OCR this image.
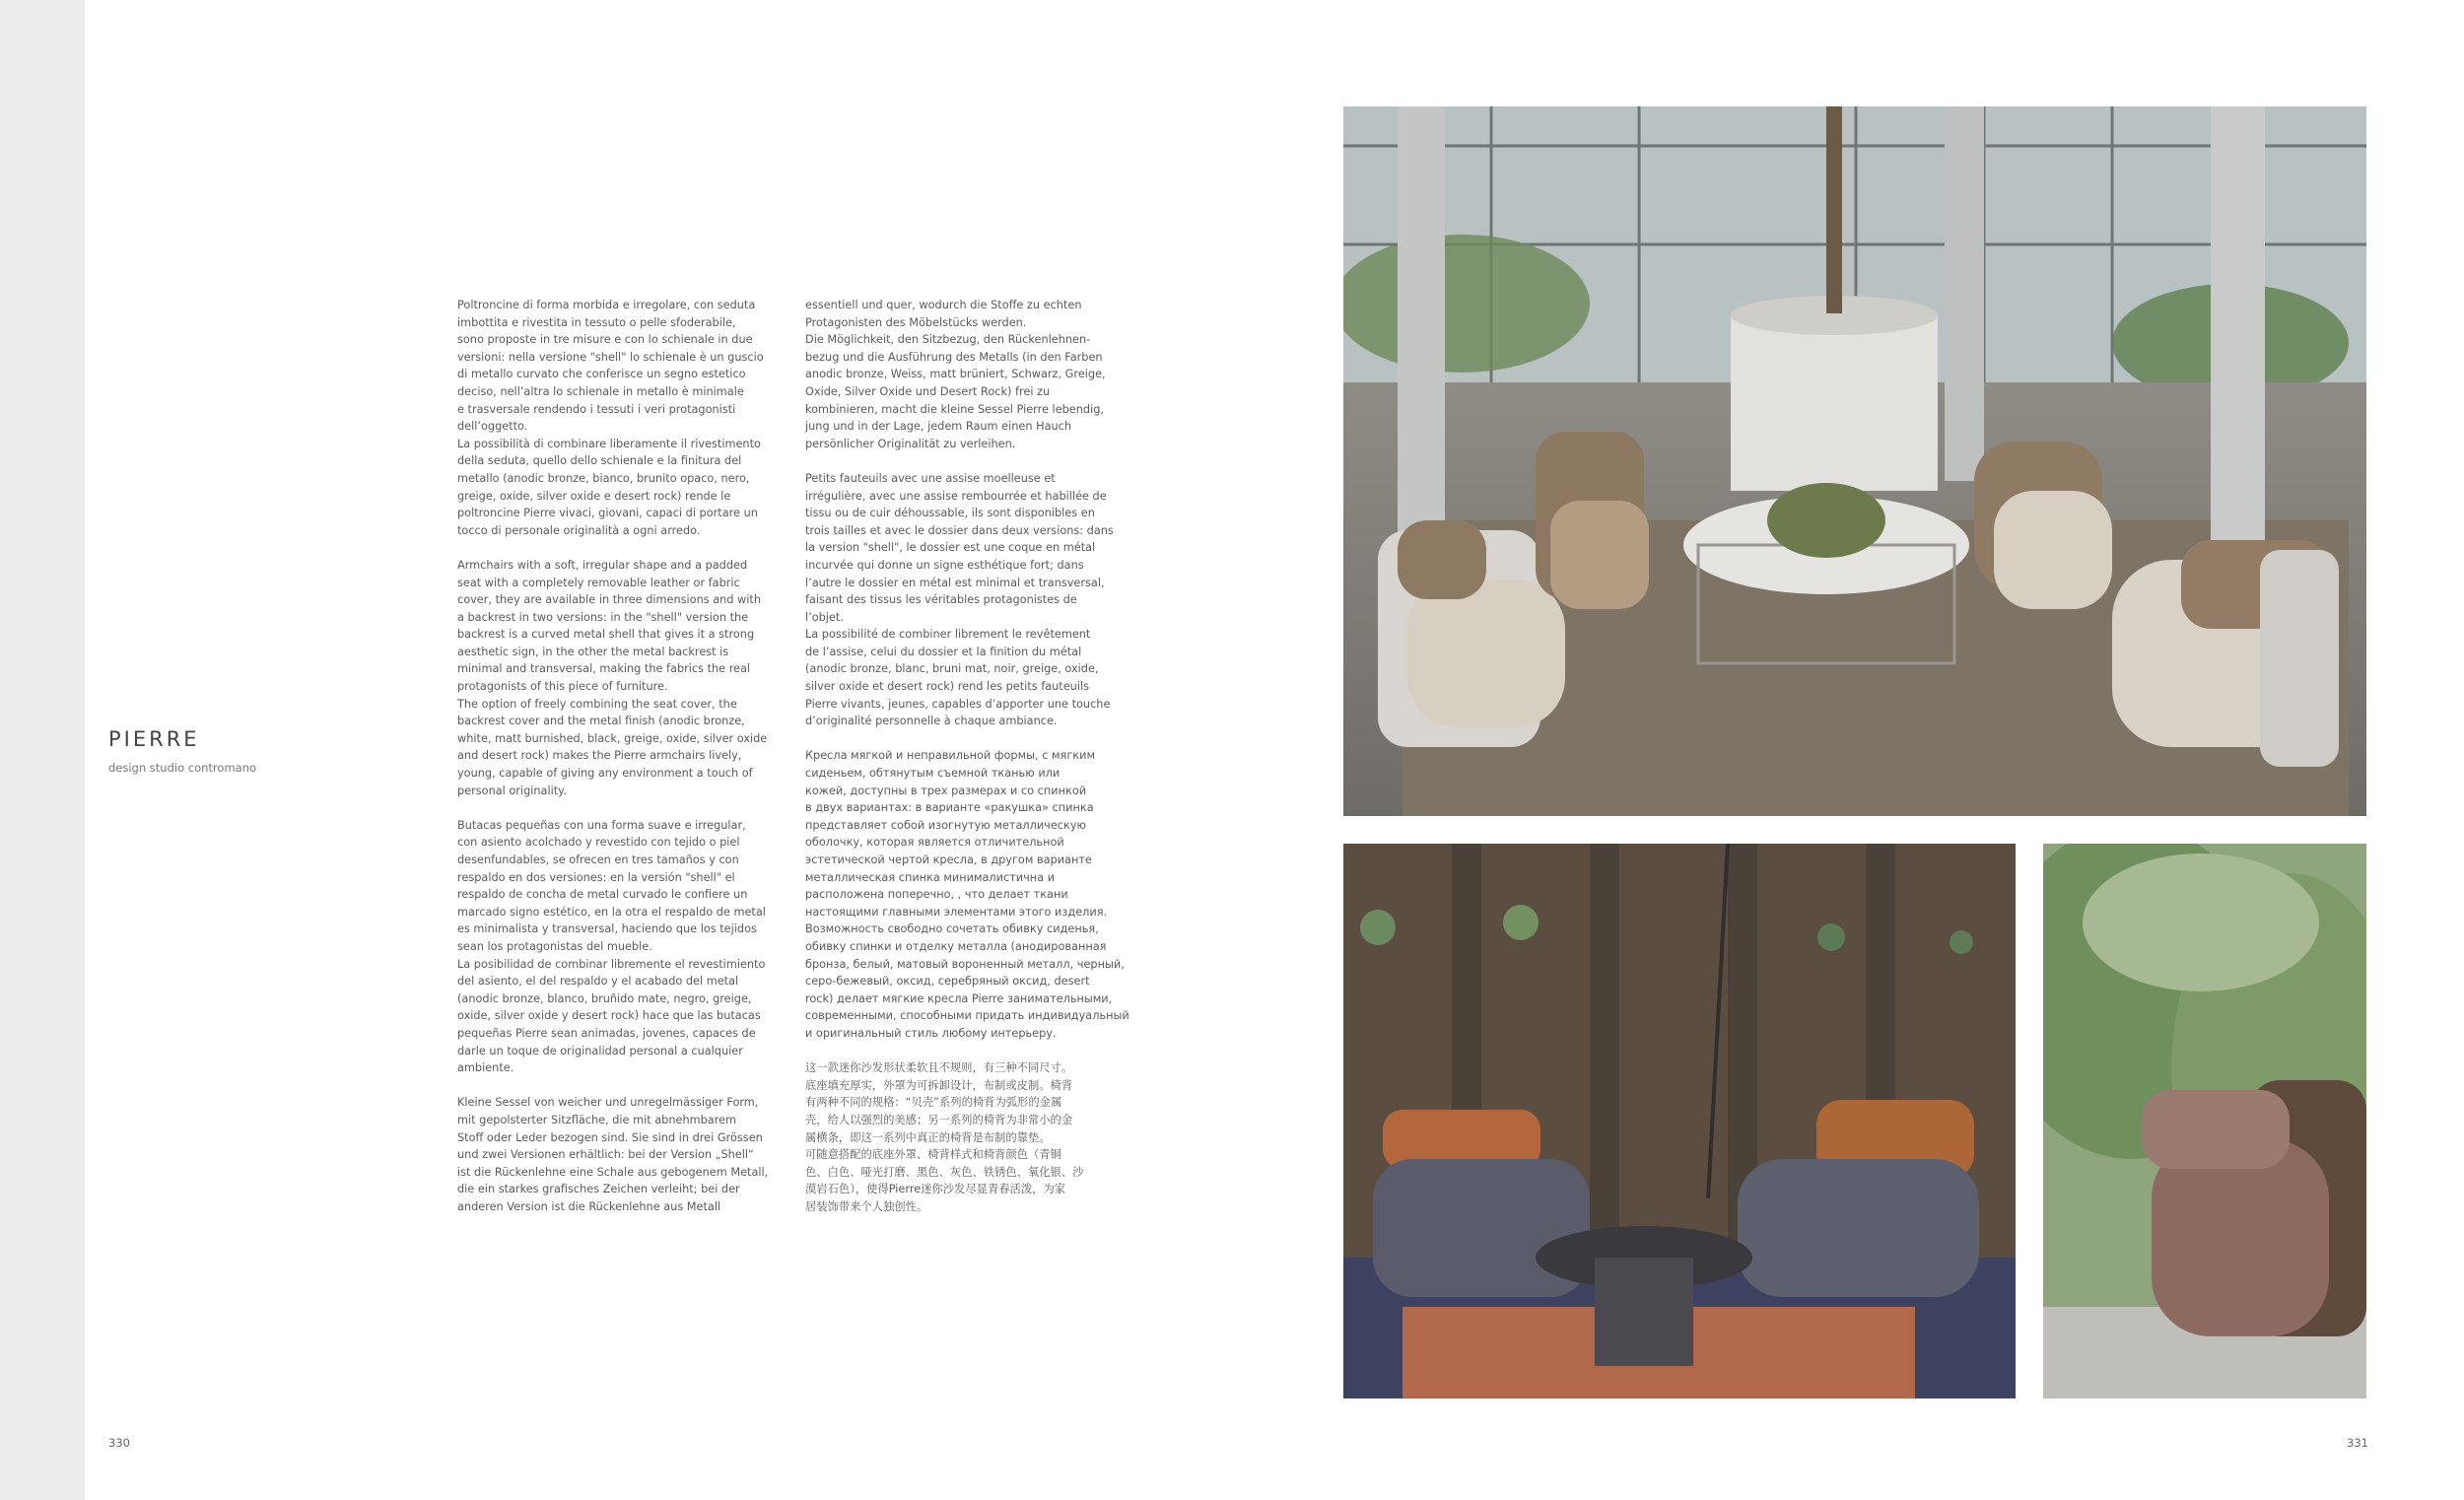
PIERRE
design studio contromano

Poltroncine di forma morbida e irregolare, con seduta
imbottita e rivestita in tessuto o pelle sfoderabile,
sono proposte in tre misure e con lo schienale in due
versioni: nella versione "shell" lo schienale è un guscio
di metallo curvato che conferisce un segno estetico
deciso, nell’altra lo schienale in metallo è minimale
e trasversale rendendo i tessuti i veri protagonisti
dell’oggetto.
La possibilità di combinare liberamente il rivestimento
della seduta, quello dello schienale e la finitura del
metallo (anodic bronze, bianco, brunito opaco, nero,
greige, oxide, silver oxide e desert rock) rende le
poltroncine Pierre vivaci, giovani, capaci di portare un
tocco di personale originalità a ogni arredo.

Armchairs with a soft, irregular shape and a padded
seat with a completely removable leather or fabric
cover, they are available in three dimensions and with
a backrest in two versions: in the "shell" version the
backrest is a curved metal shell that gives it a strong
aesthetic sign, in the other the metal backrest is
minimal and transversal, making the fabrics the real
protagonists of this piece of furniture.
The option of freely combining the seat cover, the
backrest cover and the metal finish (anodic bronze,
white, matt burnished, black, greige, oxide, silver oxide
and desert rock) makes the Pierre armchairs lively,
young, capable of giving any environment a touch of
personal originality.

Butacas pequeñas con una forma suave e irregular,
con asiento acolchado y revestido con tejido o piel
desenfundables, se ofrecen en tres tamaños y con
respaldo en dos versiones: en la versión "shell" el
respaldo de concha de metal curvado le confiere un
marcado signo estético, en la otra el respaldo de metal
es minimalista y transversal, haciendo que los tejidos
sean los protagonistas del mueble.
La posibilidad de combinar libremente el revestimiento
del asiento, el del respaldo y el acabado del metal
(anodic bronze, blanco, bruñido mate, negro, greige,
oxide, silver oxide y desert rock) hace que las butacas
pequeñas Pierre sean animadas, jovenes, capaces de
darle un toque de originalidad personal a cualquier
ambiente.

Kleine Sessel von weicher und unregelmässiger Form,
mit gepolsterter Sitzfläche, die mit abnehmbarem
Stoff oder Leder bezogen sind. Sie sind in drei Grössen
und zwei Versionen erhältlich: bei der Version „Shell“
ist die Rückenlehne eine Schale aus gebogenem Metall,
die ein starkes grafisches Zeichen verleiht; bei der
anderen Version ist die Rückenlehne aus Metall

essentiell und quer, wodurch die Stoffe zu echten
Protagonisten des Möbelstücks werden.
Die Möglichkeit, den Sitzbezug, den Rückenlehnen-
bezug und die Ausführung des Metalls (in den Farben
anodic bronze, Weiss, matt brüniert, Schwarz, Greige,
Oxide, Silver Oxide und Desert Rock) frei zu
kombinieren, macht die kleine Sessel Pierre lebendig,
jung und in der Lage, jedem Raum einen Hauch
persönlicher Originalität zu verleihen.

Petits fauteuils avec une assise moelleuse et
irrégulière, avec une assise rembourrée et habillée de
tissu ou de cuir déhoussable, ils sont disponibles en
trois tailles et avec le dossier dans deux versions: dans
la version "shell", le dossier est une coque en métal
incurvée qui donne un signe esthétique fort; dans
l’autre le dossier en métal est minimal et transversal,
faisant des tissus les véritables protagonistes de
l’objet.
La possibilité de combiner librement le revêtement
de l’assise, celui du dossier et la finition du métal
(anodic bronze, blanc, bruni mat, noir, greige, oxide,
silver oxide et desert rock) rend les petits fauteuils
Pierre vivants, jeunes, capables d’apporter une touche
d’originalité personnelle à chaque ambiance.

Кресла мягкой и неправильной формы, с мягким
сиденьем, обтянутым съемной тканью или
кожей, доступны в трех размерах и со спинкой
в двух вариантах: в варианте «ракушка» спинка
представляет собой изогнутую металлическую
оболочку, которая является отличительной
эстетической чертой кресла, в другом варианте
металлическая спинка минималистична и
расположена поперечно, , что делает ткани
настоящими главными элементами этого изделия.
Возможность свободно сочетать обивку сиденья,
обивку спинки и отделку металла (анодированная
бронза, белый, матовый вороненный металл, черный,
серо-бежевый, оксид, серебряный оксид, desert
rock) делает мягкие кресла Pierre занимательными,
современными, способными придать индивидуальный
и оригинальный стиль любому интерьеру.

这一款迷你沙发形状柔软且不规则，有三种不同尺寸。
底座填充厚实，外罩为可拆卸设计，布制或皮制。椅背
有两种不同的规格：“贝壳”系列的椅背为弧形的金属
壳，给人以强烈的美感；另一系列的椅背为非常小的金
属横条，即这一系列中真正的椅背是布制的靠垫。
可随意搭配的底座外罩、椅背样式和椅背颜色（青铜
色、白色、哑光打磨、黑色、灰色、铁锈色、氧化银、沙
漠岩石色），使得Pierre迷你沙发尽显青春活泼，为家
居装饰带来个人独创性。

330	331
